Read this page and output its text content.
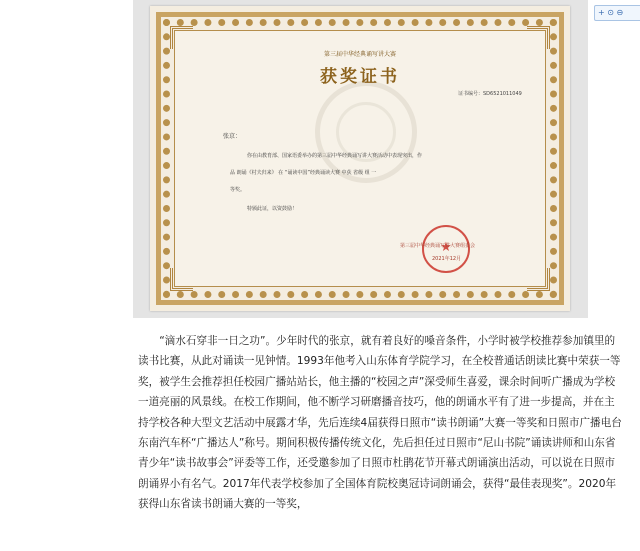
第三届中华经典诵写讲大赛
获奖证书
证书编号：SD6521011049
张京：
你在由教育部、国家语委举办的第三届中华经典诵写讲大赛活动中表现突出，作
品 朗诵《村夫归来》 在 “诵读中国”经典诵读大赛 中获 省级 组 一
等奖。
特颁此证，以资鼓励！
★
第三届中华经典诵写讲大赛组委会
2021年12月
+ ⊙ ⊖

“滴水石穿非一日之功”。少年时代的张京，就有着良好的嗓音条件，小学时被学校推荐参加镇里的读书比赛，从此对诵读一见钟情。1993年他考入山东体育学院学习，在全校普通话朗读比赛中荣获一等奖，被学生会推荐担任校园广播站站长，他主播的“校园之声”深受师生喜爱，课余时间听广播成为学校一道亮丽的风景线。在校工作期间，他不断学习研磨播音技巧，他的朗诵水平有了进一步提高，并在主持学校各种大型文艺活动中展露才华，先后连续4届获得日照市“读书朗诵”大赛一等奖和日照市广播电台东南汽车杯“广播达人”称号。期间积极传播传统文化，先后担任过日照市“尼山书院”诵读讲师和山东省青少年“读书故事会”评委等工作，还受邀参加了日照市杜鹃花节开幕式朗诵演出活动，可以说在日照市朗诵界小有名气。2017年代表学校参加了全国体育院校奥冠诗词朗诵会，获得“最佳表现奖”。2020年获得山东省读书朗诵大赛的一等奖，
